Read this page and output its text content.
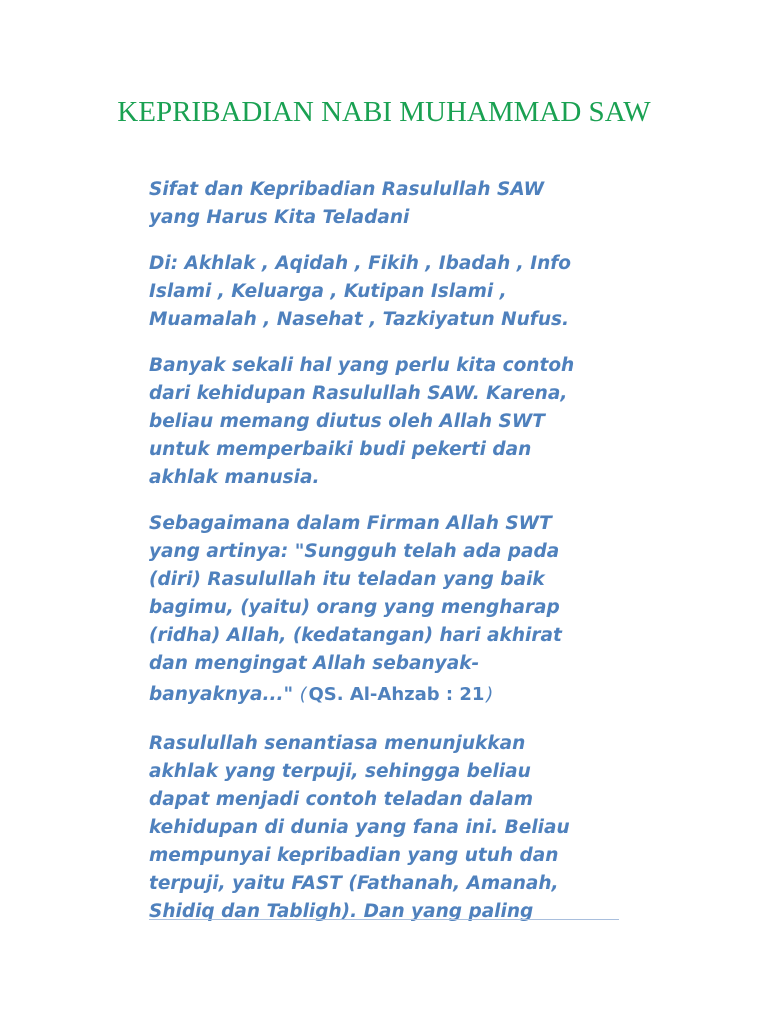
KEPRIBADIAN NABI MUHAMMAD SAW

Sifat dan Kepribadian Rasulullah SAW
yang Harus Kita Teladani

Di: Akhlak , Aqidah , Fikih , Ibadah , Info
Islami , Keluarga , Kutipan Islami ,
Muamalah , Nasehat , Tazkiyatun Nufus.

Banyak sekali hal yang perlu kita contoh
dari kehidupan Rasulullah SAW. Karena,
beliau memang diutus oleh Allah SWT
untuk memperbaiki budi pekerti dan
akhlak manusia.

Sebagaimana dalam Firman Allah SWT
yang artinya: "Sungguh telah ada pada
(diri) Rasulullah itu teladan yang baik
bagimu, (yaitu) orang yang mengharap
(ridha) Allah, (kedatangan) hari akhirat
dan mengingat Allah sebanyak-
banyaknya..." ( QS. Al-Ahzab : 21 )

Rasulullah senantiasa menunjukkan
akhlak yang terpuji, sehingga beliau
dapat menjadi contoh teladan dalam
kehidupan di dunia yang fana ini. Beliau
mempunyai kepribadian yang utuh dan
terpuji, yaitu FAST (Fathanah, Amanah,
Shidiq dan Tabligh). Dan yang paling
